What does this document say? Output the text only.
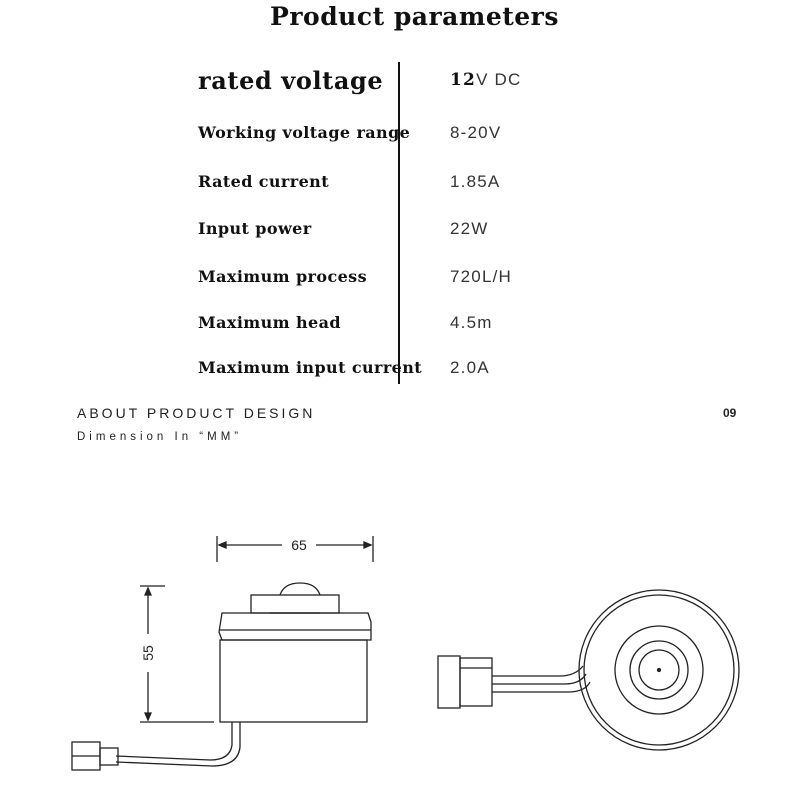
Product parameters
rated voltage	12V DC
Working voltage range 8-20V
Rated current	1.85A
Input power	22W
Maximum process	720L/H
Maximum head	4.5m
Maximum input current 2.0A
ABOUT PRODUCT DESIGN
Dimension In “MM”
09
65
55
